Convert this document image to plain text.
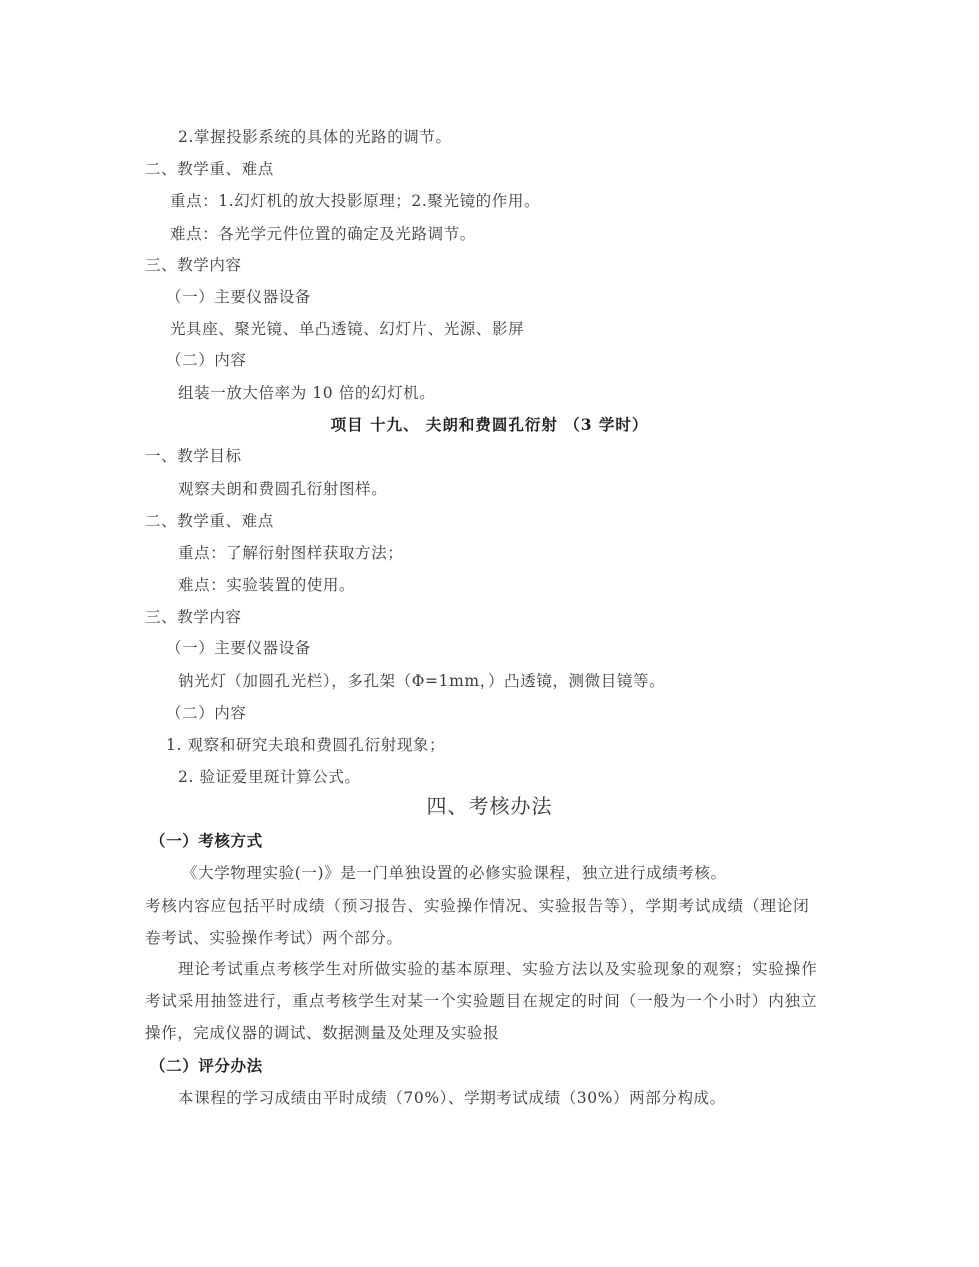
2.掌握投影系统的具体的光路的调节。
二、教学重、难点
重点：1.幻灯机的放大投影原理；2.聚光镜的作用。
难点：各光学元件位置的确定及光路调节。
三、教学内容
（一）主要仪器设备
光具座、聚光镜、单凸透镜、幻灯片、光源、影屏
（二）内容
组装一放大倍率为 10 倍的幻灯机。
项目 十九、 夫朗和费圆孔衍射 （3 学时）
一、教学目标
观察夫朗和费圆孔衍射图样。
二、教学重、难点
重点：了解衍射图样获取方法；
难点：实验装置的使用。
三、教学内容
（一）主要仪器设备
钠光灯（加圆孔光栏），多孔架（Φ=1mm，）凸透镜，测微目镜等。
（二）内容
1. 观察和研究夫琅和费圆孔衍射现象；
2. 验证爱里斑计算公式。
四、考核办法
（一）考核方式
《大学物理实验(一)》是一门单独设置的必修实验课程，独立进行成绩考核。
考核内容应包括平时成绩（预习报告、实验操作情况、实验报告等），学期考试成绩（理论闭
卷考试、实验操作考试）两个部分。
理论考试重点考核学生对所做实验的基本原理、实验方法以及实验现象的观察；实验操作
考试采用抽签进行，重点考核学生对某一个实验题目在规定的时间（一般为一个小时）内独立
操作，完成仪器的调试、数据测量及处理及实验报
（二）评分办法
本课程的学习成绩由平时成绩（70%）、学期考试成绩（30%）两部分构成。
